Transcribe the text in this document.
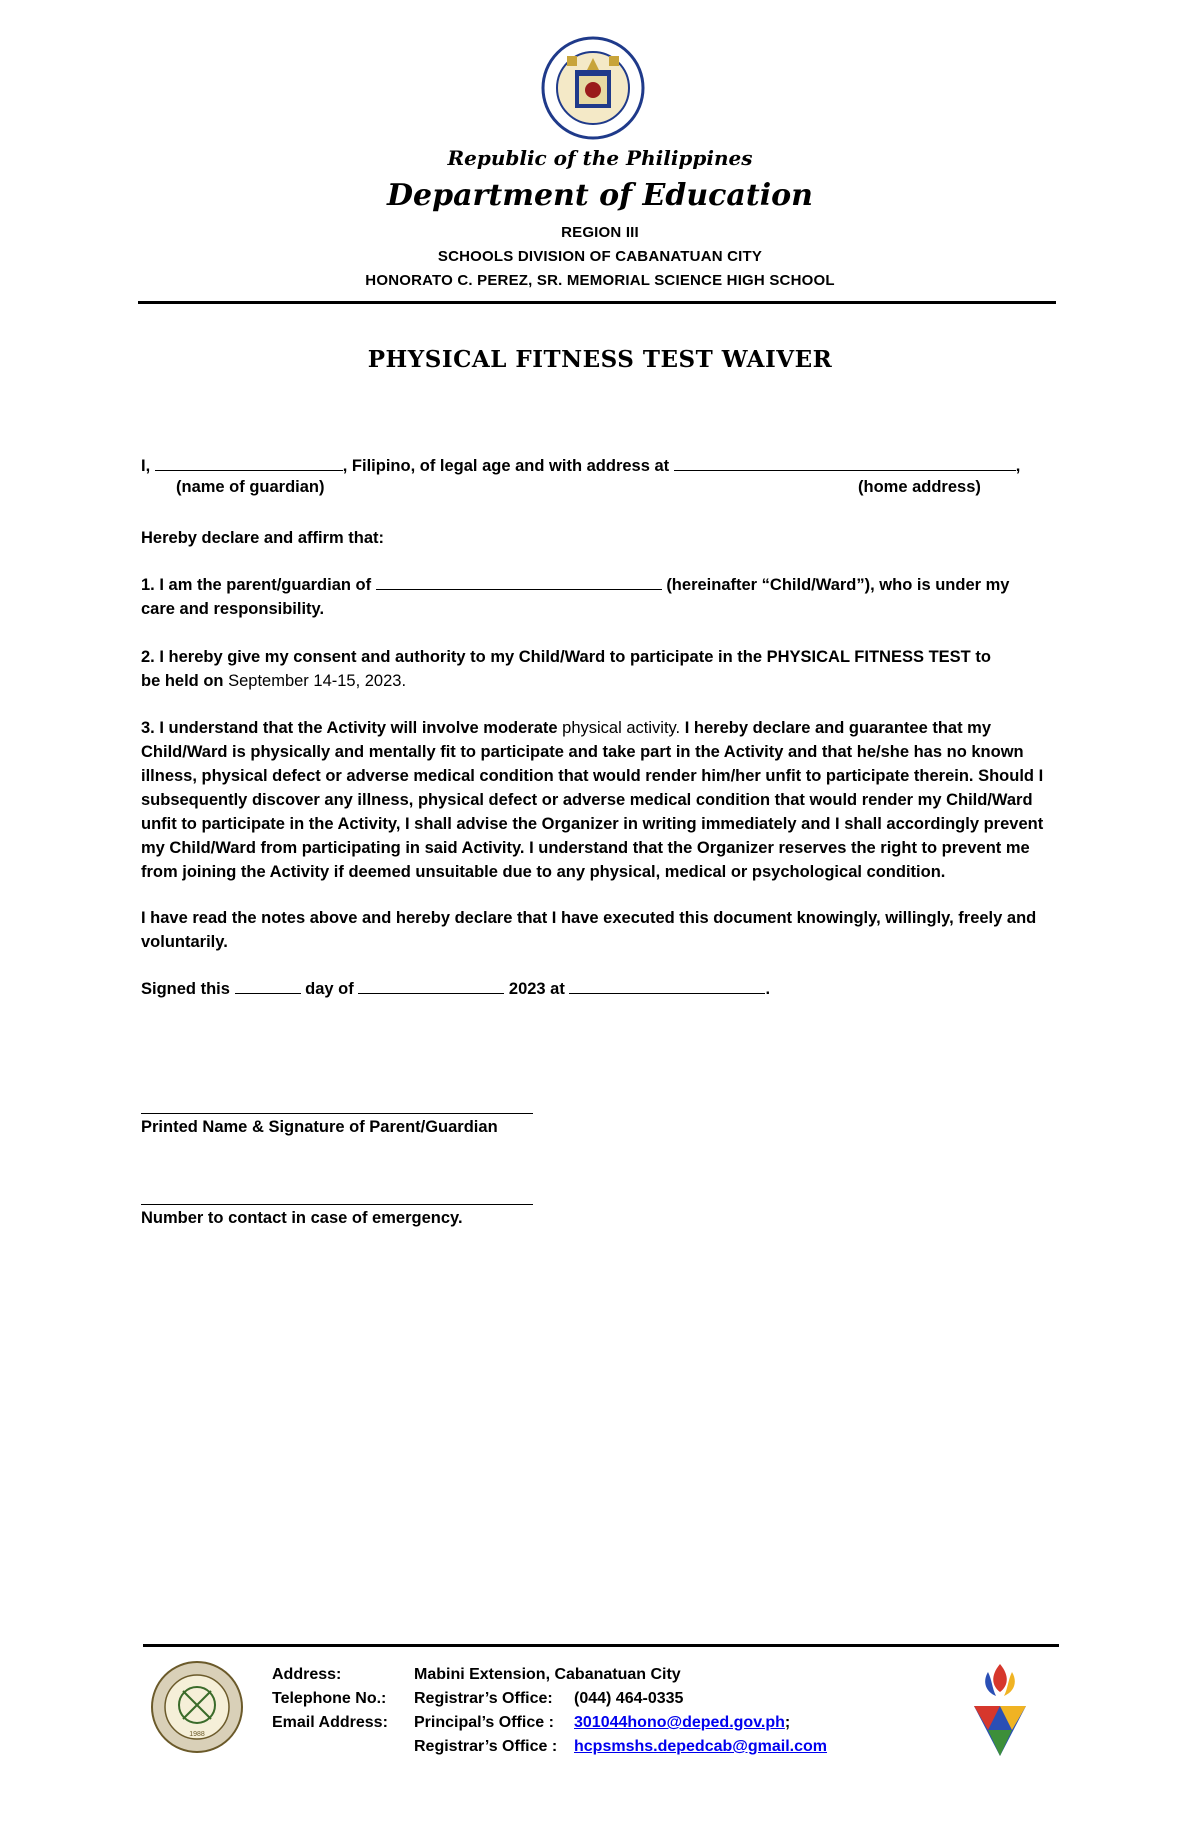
Republic of the Philippines
Department of Education
REGION III
SCHOOLS DIVISION OF CABANATUAN CITY
HONORATO C. PEREZ, SR. MEMORIAL SCIENCE HIGH SCHOOL
PHYSICAL FITNESS TEST WAIVER
I,	, Filipino, of legal age and with address at	,
(name of guardian)	(home address)
Hereby declare and affirm that:
1. I am the parent/guardian of	(hereinafter “Child/Ward”), who is under my
care and responsibility.
2. I hereby give my consent and authority to my Child/Ward to participate in the PHYSICAL FITNESS TEST to
be held on September 14-15, 2023.
3. I understand that the Activity will involve moderate physical activity. I hereby declare and guarantee that my Child/Ward is physically and mentally fit to participate and take part in the Activity and that he/she has no known illness, physical defect or adverse medical condition that would render him/her unfit to participate therein. Should I subsequently discover any illness, physical defect or adverse medical condition that would render my Child/Ward unfit to participate in the Activity, I shall advise the Organizer in writing immediately and I shall accordingly prevent my Child/Ward from participating in said Activity. I understand that the Organizer reserves the right to prevent me from joining the Activity if deemed unsuitable due to any physical, medical or psychological condition.
I have read the notes above and hereby declare that I have executed this document knowingly, willingly, freely and voluntarily.
Signed this	day of	2023 at	.
Printed Name & Signature of Parent/Guardian
Number to contact in case of emergency.
1988
Address:	Mabini Extension, Cabanatuan City	
Telephone No.:	Registrar’s Office:	(044) 464-0335
Email Address:	Principal’s Office :	301044hono@deped.gov.ph;
	Registrar’s Office :	hcpsmshs.depedcab@gmail.com
